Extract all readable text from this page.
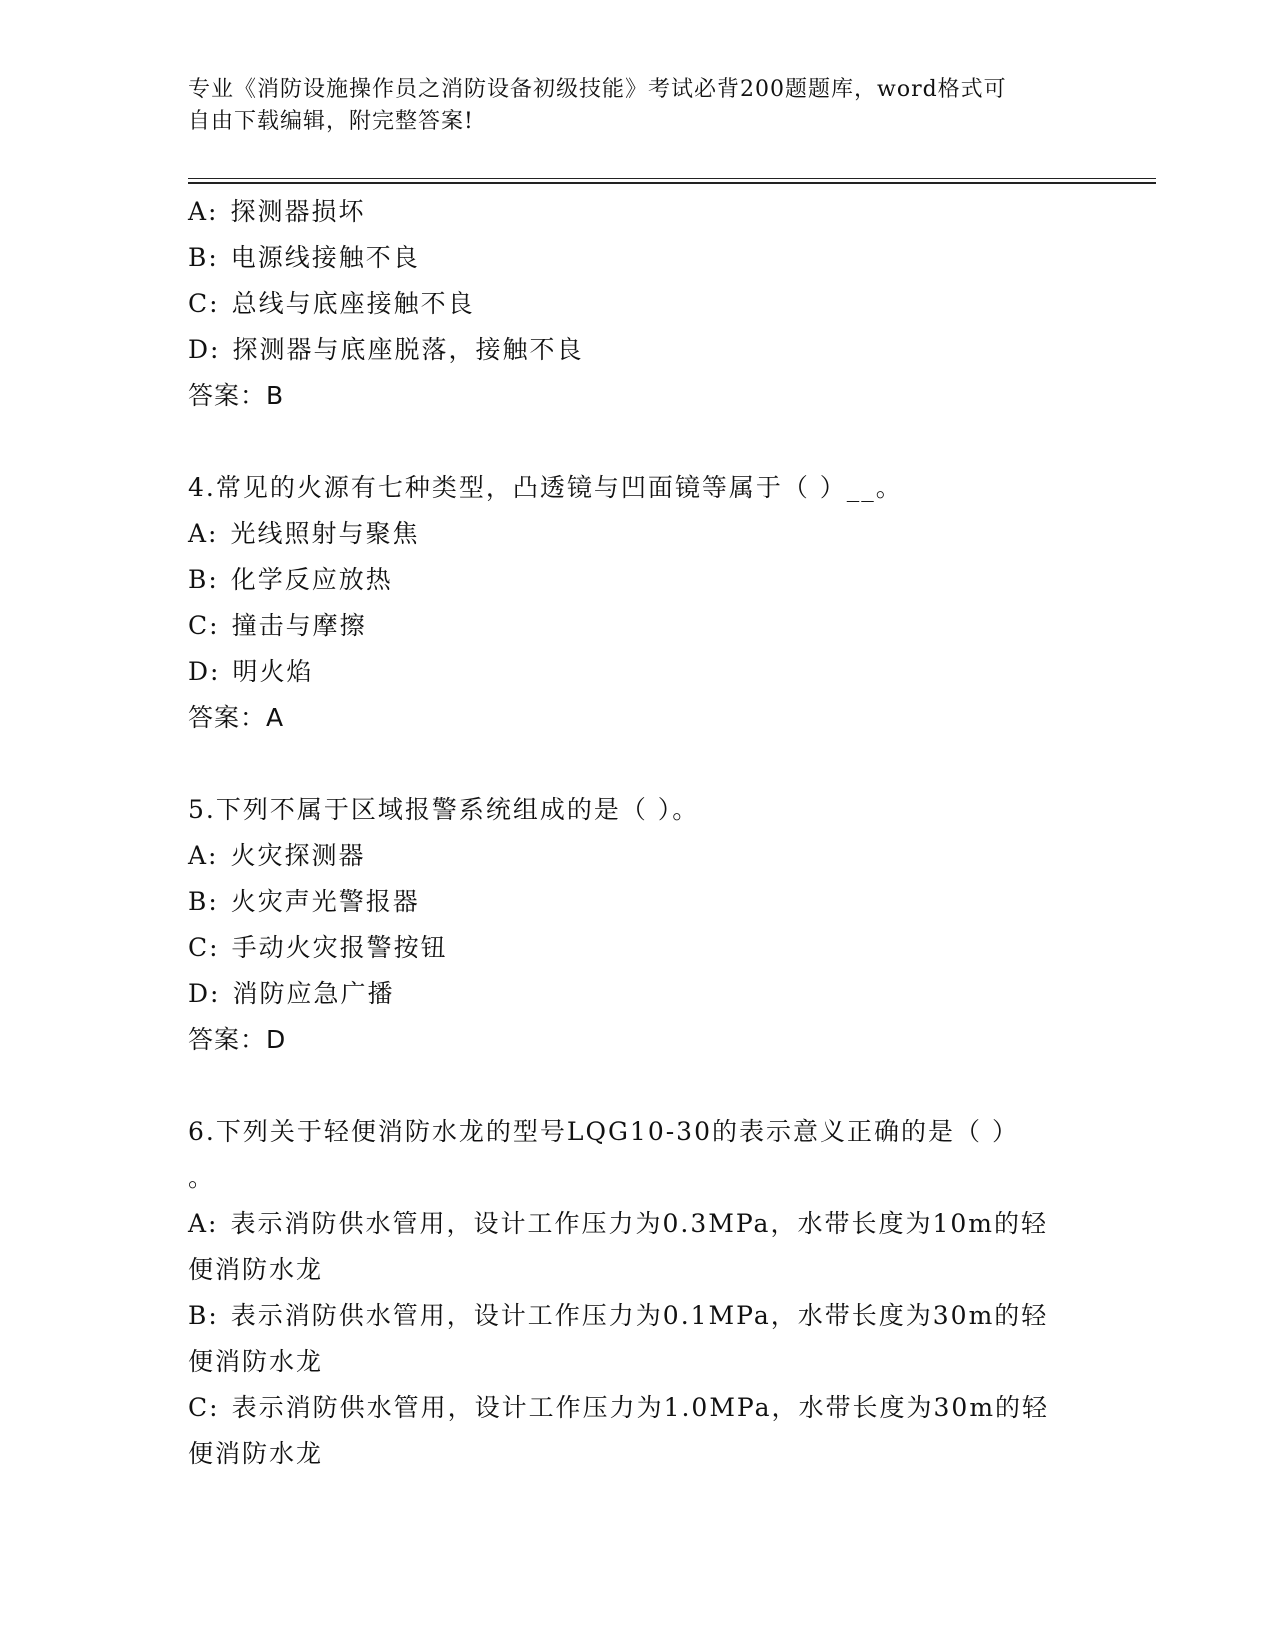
专业《消防设施操作员之消防设备初级技能》考试必背200题题库，word格式可
自由下载编辑，附完整答案!
A: 探测器损坏
B: 电源线接触不良
C: 总线与底座接触不良
D: 探测器与底座脱落，接触不良
答案：B
4.常见的火源有七种类型，凸透镜与凹面镜等属于（ ）__。
A: 光线照射与聚焦
B: 化学反应放热
C: 撞击与摩擦
D: 明火焰
答案：A
5.下列不属于区域报警系统组成的是（ ）。
A: 火灾探测器
B: 火灾声光警报器
C: 手动火灾报警按钮
D: 消防应急广播
答案：D
6.下列关于轻便消防水龙的型号LQG10-30的表示意义正确的是（ ）
。
A: 表示消防供水管用，设计工作压力为0.3MPa，水带长度为10m的轻
便消防水龙
B: 表示消防供水管用，设计工作压力为0.1MPa，水带长度为30m的轻
便消防水龙
C: 表示消防供水管用，设计工作压力为1.0MPa，水带长度为30m的轻
便消防水龙
